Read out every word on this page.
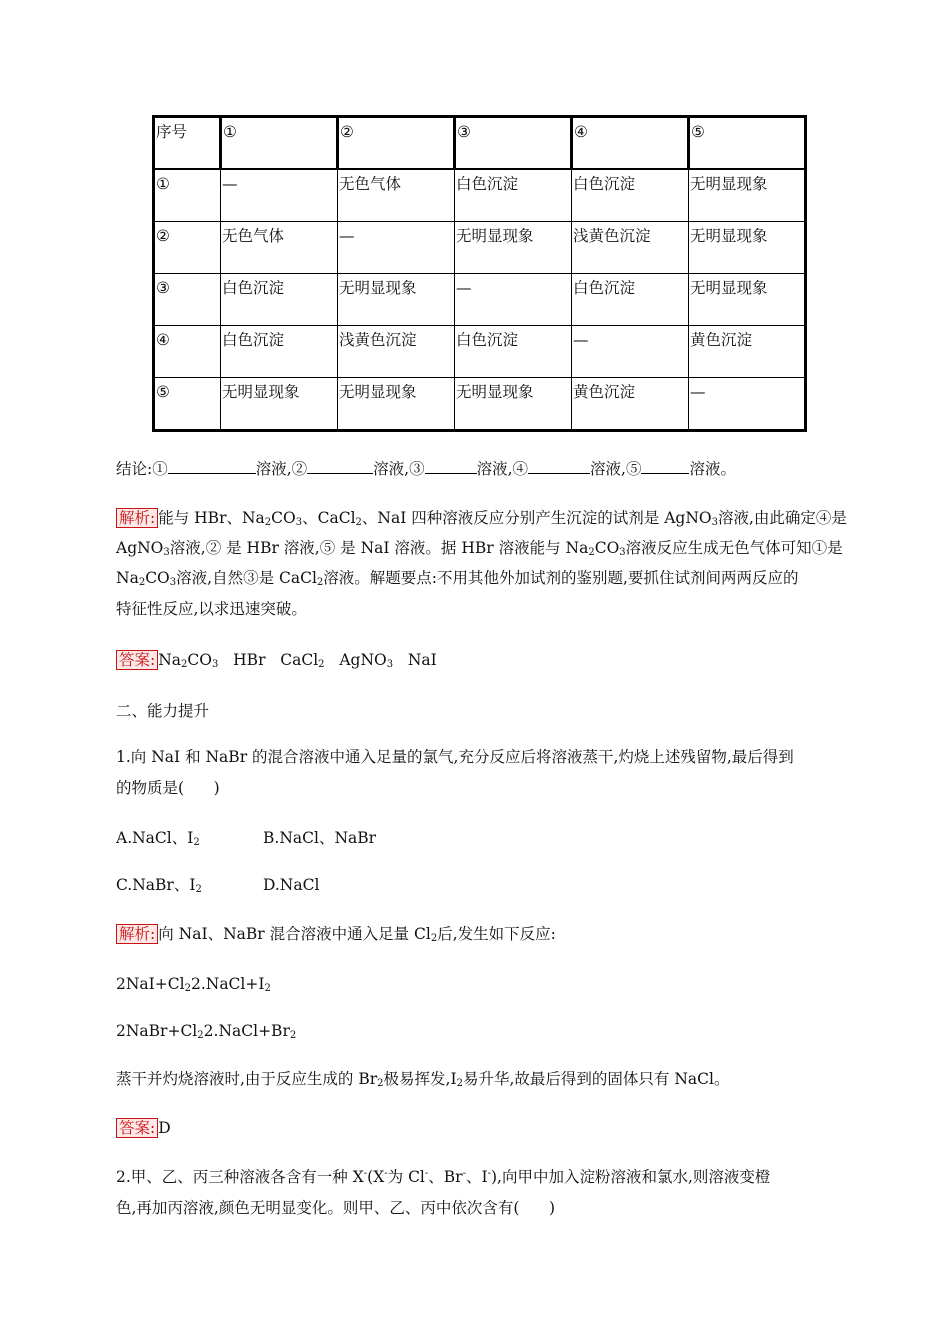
序号	①	②	③	④	⑤
①	—	无色气体	白色沉淀	白色沉淀	无明显现象
②	无色气体	—	无明显现象	浅黄色沉淀	无明显现象
③	白色沉淀	无明显现象	—	白色沉淀	无明显现象
④	白色沉淀	浅黄色沉淀	白色沉淀	—	黄色沉淀
⑤	无明显现象	无明显现象	无明显现象	黄色沉淀	—
结论:①	溶液,②	溶液,③	溶液,④	溶液,⑤	溶液。
解析: 能与 HBr、$Na_2CO_3$、CaCl$_2$、NaI 四种溶液反应分别产生沉淀的试剂是 AgNO$_3$溶液,由此确定④是
AgNO$_3$溶液,② 是 HBr 溶液,⑤ 是 NaI 溶液。据 HBr 溶液能与 $Na_2CO_3$溶液反应生成无色气体可知①是
$Na_2CO_3$溶液,自然③是 CaCl$_2$溶液。解题要点:不用其他外加试剂的鉴别题,要抓住试剂间两两反应的
特征性反应,以求迅速突破。
答案: $Na_2CO_3$   HBr   CaCl$_2$   AgNO$_3$   NaI
二、能力提升
1.向 NaI 和 NaBr 的混合溶液中通入足量的氯气,充分反应后将溶液蒸干,灼烧上述残留物,最后得到
的物质是(      )
A.NaCl、$I_2$	B.NaCl、NaBr
C.NaBr、$I_2$	D.NaCl
解析: 向 NaI、NaBr 混合溶液中通入足量 $Cl_2$后,发生如下反应:
$2NaI+Cl_22.NaCl+I_2$
$2NaBr+Cl_22.NaCl+Br_2$
蒸干并灼烧溶液时,由于反应生成的 $Br_2$极易挥发$,I_2$易升华,故最后得到的固体只有 NaCl。
答案: D
2.甲、乙、丙三种溶液各含有一种 X-(X-为 Cl-、Br-、I-),向甲中加入淀粉溶液和氯水,则溶液变橙
色,再加丙溶液,颜色无明显变化。则甲、乙、丙中依次含有(      )
